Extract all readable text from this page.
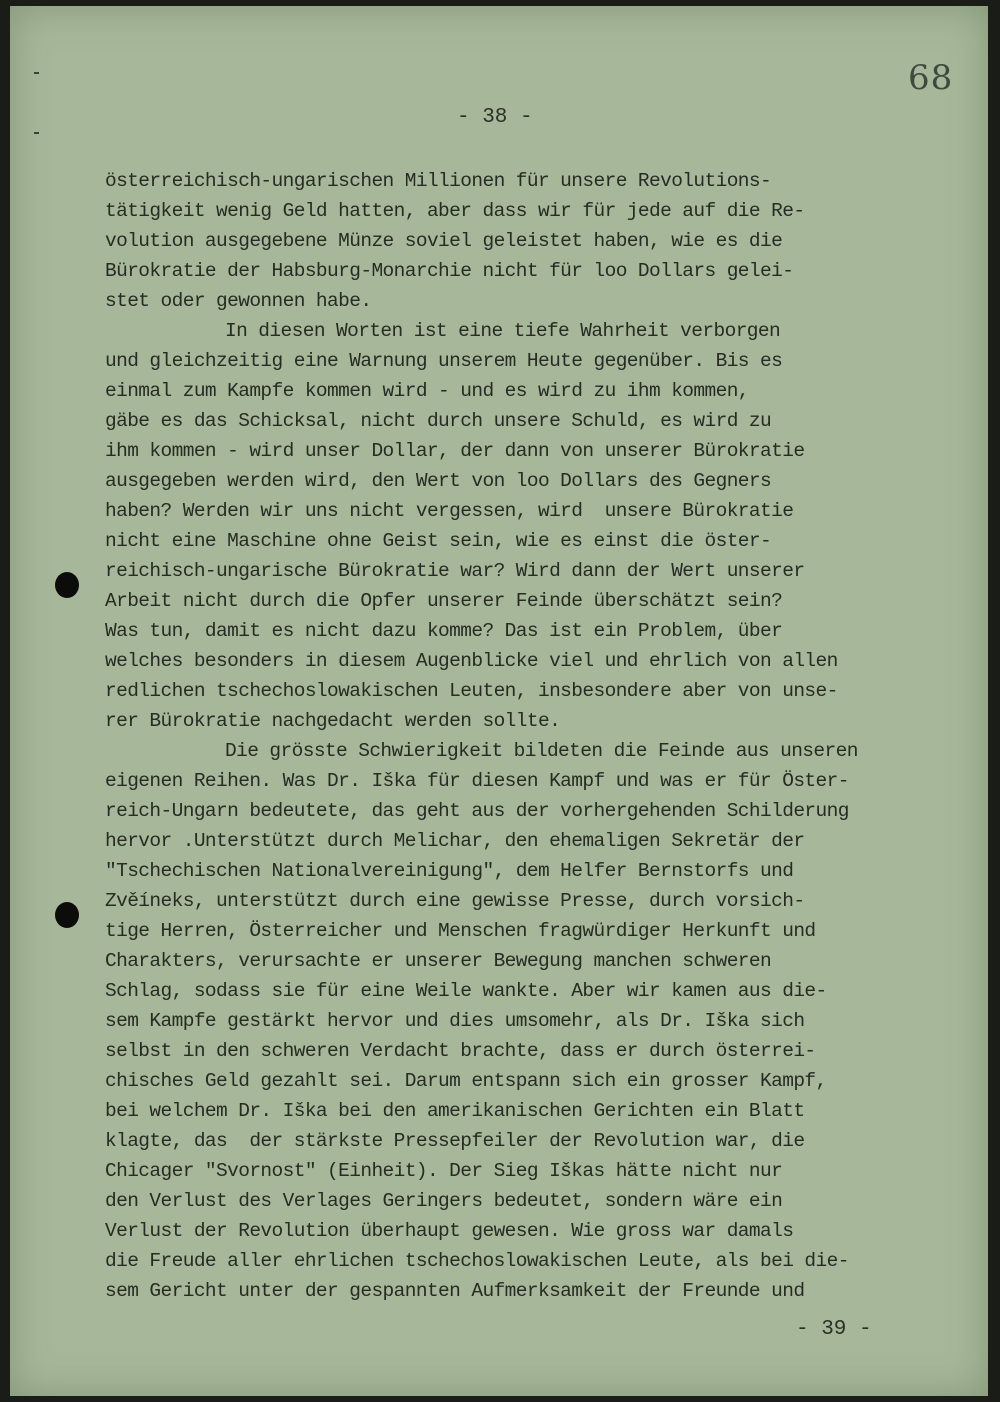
68
- 38 -
österreichisch-ungarischen Millionen für unsere Revolutions-
tätigkeit wenig Geld hatten, aber dass wir für jede auf die Re-
volution ausgegebene Münze soviel geleistet haben, wie es die
Bürokratie der Habsburg-Monarchie nicht für loo Dollars gelei-
stet oder gewonnen habe.
In diesen Worten ist eine tiefe Wahrheit verborgen
und gleichzeitig eine Warnung unserem Heute gegenüber. Bis es
einmal zum Kampfe kommen wird - und es wird zu ihm kommen,
gäbe es das Schicksal, nicht durch unsere Schuld, es wird zu
ihm kommen - wird unser Dollar, der dann von unserer Bürokratie
ausgegeben werden wird, den Wert von loo Dollars des Gegners
haben? Werden wir uns nicht vergessen, wird  unsere Bürokratie
nicht eine Maschine ohne Geist sein, wie es einst die öster-
reichisch-ungarische Bürokratie war? Wird dann der Wert unserer
Arbeit nicht durch die Opfer unserer Feinde überschätzt sein?
Was tun, damit es nicht dazu komme? Das ist ein Problem, über
welches besonders in diesem Augenblicke viel und ehrlich von allen
redlichen tschechoslowakischen Leuten, insbesondere aber von unse-
rer Bürokratie nachgedacht werden sollte.
Die grösste Schwierigkeit bildeten die Feinde aus unseren
eigenen Reihen. Was Dr. Iška für diesen Kampf und was er für Öster-
reich-Ungarn bedeutete, das geht aus der vorhergehenden Schilderung
hervor .Unterstützt durch Melichar, den ehemaligen Sekretär der
"Tschechischen Nationalvereinigung", dem Helfer Bernstorfs und
Zvěíneks, unterstützt durch eine gewisse Presse, durch vorsich-
tige Herren, Österreicher und Menschen fragwürdiger Herkunft und
Charakters, verursachte er unserer Bewegung manchen schweren
Schlag, sodass sie für eine Weile wankte. Aber wir kamen aus die-
sem Kampfe gestärkt hervor und dies umsomehr, als Dr. Iška sich
selbst in den schweren Verdacht brachte, dass er durch österrei-
chisches Geld gezahlt sei. Darum entspann sich ein grosser Kampf,
bei welchem Dr. Iška bei den amerikanischen Gerichten ein Blatt
klagte, das  der stärkste Pressepfeiler der Revolution war, die
Chicager "Svornost" (Einheit). Der Sieg Iškas hätte nicht nur
den Verlust des Verlages Geringers bedeutet, sondern wäre ein
Verlust der Revolution überhaupt gewesen. Wie gross war damals
die Freude aller ehrlichen tschechoslowakischen Leute, als bei die-
sem Gericht unter der gespannten Aufmerksamkeit der Freunde und
- 39 -
